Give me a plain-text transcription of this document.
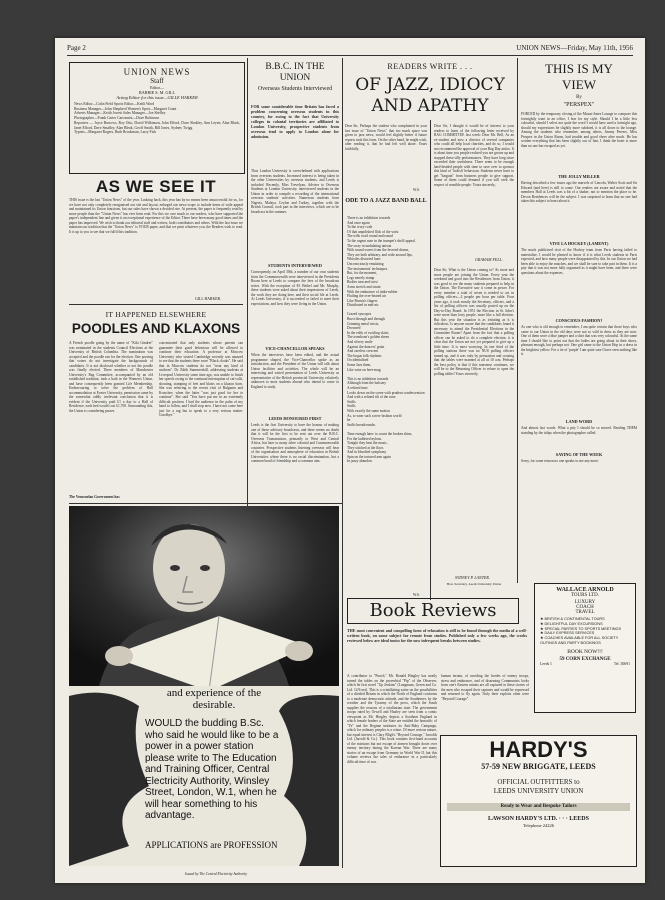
Page 2	UNION NEWS—Friday, May 11th, 1956
UNION NEWS
Staff
Editor—
BARRIE S. M. GILL
Acting Editor for this issue—GILLE HARKER
News Editor—Colin Field Sports Editor—Keith Ward
Business Manager—John Shepherd Women's Sport—Margaret Grant
Adverts Manager—Keith Jowett Sales Manager—Joe Shelley
Photographer—Frank Carter Cartoonist—Dave Robinson
Reporters — Joyce Burrows, Roy Otto, David Wilkinson, John Elford, Dave Shakley, Ann Leyen, Alan Black, Janet Elford, Dave Smalley, Alan Bleak, Geoff Smith, Bill Jones, Sydney Twigg
Typists—Margaret Rogers, Ruth Brookman, Larry Fisk
AS WE SEE IT
THIS issue is the last "Union News" of the year. Looking back, this year has by no means been unsuccessful for us, for we have not only completely reorganised our site and layout, enlarged our news-scope to include items of wide appeal and maintained its Union functions, but our sales have shown a decided rise. At present, the paper is frequently read by more people than the "Union News" has ever been read. For this we owe much to our readers, who have supported the paper's independent line and given it an exceptional experience of the Editor. There have been many good times and the paper has improved. We wish to thank our editorial staff and writers, both contributors and others. With the last issue we maintain our tradition that the "Union News" is YOUR paper, and that we print whatever you, the Readers wish to read. It is up to you to see that we fulfil this tradition.
GILL HARKER.
IT HAPPENED ELSEWHERE
POODLES AND KLAXONS
A French poodle going by the name of "Kiki Gindrer" was nominated in the students Council Elections at the University of British Columbia. The nomination was accepted and the poodle ran for the election. One proving that voters do not investigate the backgrounds of candidates. It is not disclosed whether or not the poodle was finally elected. Three members of Manchester University's Rag Committee, accompanied by an old established tradition, took a bath in the Women's Union, and have consequently been granted Life Membership. Endeavouring to solve the problem of Hall accommodation at Exeter University, permission came by the somewhat oddly irrelevant conclusion that it is evident if the University paid £1 a day to a Hall of Residence, each bed would cost £1,700. Surrounding this, the Union is considering passes.
The Venezuelan Government has
concentrated that only students whose parents can guarantee their good behaviour will be allowed to continue their education. A professor at Moscow University who visited Cambridge recently was amazed to see that the students there wore "Black cloaks". He said that in Moscow students do not "wear any kind of uniform". Dr. Edith Summerskill, addressing students at Liverpool University some time ago, was unable to finish her speech owing to the continual interruption of cat-calls, shouting, stamping of feet and blasts on a klaxon horn. She was referring to the recent visit of Bulganin and Kruschev, when the latter "was just good for her to continue". She said "You have put me in an extremely difficult position. I had the audience in the palm of my hand to follow, and I shall stop now. I have not come here just for a rag but to speak to a very serious matter. Goodbye."
B.B.C. IN THE UNION
Overseas Students Interviewed
FOR some considerable time Britain has faced a problem concerning overseas students in this country, for owing to the fact that University colleges in colonial territories are affiliated to London University, prospective students from overseas tend to apply to London alone for admission.
Thus London University is overwhelmed with applications from overseas students. Increased interest is being taken in the other Universities by overseas students, and Leeds is included. Recently, Miss Trevelyan, Adviser to Overseas Students at London University, interviewed students in the Union in order to compile a recording of the international overseas students' activities. Numerous students from Nigeria, Malaya, Ceylon and Turkey, together with the British Council, took part in the interviews, which are to be broadcast in the summer.
STUDENTS INTERVIEWED
Consequently, on April 30th, a number of our own students from the Commonwealth were interviewed in the Presidents Room here at Leeds to compare the fees of the broadcast series. With the exception of M. Bethel and Mr. Murphy, these students were asked about their impressions of Leeds, the work they are doing here, and their social life at Leeds. At Leeds University, if it succeeded or failed to meet their expectations, and how they were living in the Union.
VICE-CHANCELLOR SPEAKS
When the interviews have been edited, and the actual programme shaped, the Vice-Chancellor spoke as an introduction, and the President of the Union will talk about Union facilities and activities. The whole will be an interesting and varied presentation of Leeds University as representative of the British provincial University, relatively unknown to most students abroad who intend to come to England to study.
LEEDS HONOURED FIRST
Leeds is the first University to have the honour of making one of these advisory broadcasts, and there seems no doubt that it will be the first to be sent out over the B.B.C. Overseas Transmission, primarily to West and Central Africa, but later to many other colonial and Commonwealth countries. Prospective students listening overseas will hear of the organisation and atmosphere of education in British Universities where there is no racial discrimination, but a common bond of friendship and a common aim.
and experience of the
desirable.
WOULD the budding B.Sc. who said he would like to be a power in a power station please write to The Education and Training Officer, Central Electricity Authority, Winsley Street, London, W.1, when he will hear something to his advantage.
APPLICATIONS are PROFESSION
Issued by The Central Electricity Authority
READERS WRITE . . .
OF JAZZ, IDIOCY
AND APATHY
Dear Sir, Perhaps the student who complained in your last issue of "Union News" that too much space was given to jazz news, would feel slightly better if future reports took this form. On the other hand, he might wish, after reading it, that he had left well alone. Yours faithfully,
W.S.
ODE TO A JAZZ BAND BALL
There is no inhibition towards
And once again
To the ivory code
Of that unpolished flick of the wrist
The trills swirl round and round
To the urgent note in the trumpet's shrill appeal.
The sway in undulating unison
With sound waves from the fevered drums,
They are both arbitrary, and wide around lips,
Whistles distorted hues
Unconsciously emulating
The instruments' techniques.
But, for the moment,
Legs merely stamp
Bodies turn and twist
Arms stretch and strain
With the endurance of india-rubber
Flailing the over-heated air
Like Bosnia's fingers
Distributed in mid-air.

Crazed syncopes
Burst through and through
Grinning metal twists,
Drowned
In the eddy of swirling skirts.
The trombone's golden sheen
And silvery smile
Against the dancers' grain
And careless crescent
The bogus folk rhythms
Occidentalised
Some Jazz them,
Like wine on beer-mug.

This is no inhibition towards
Although from the balcony
A refined tune
Looks down on the scene with prudent condescension
And with a refined tilt of the nose
Sniffs.
Sniffs
With exactly the same motion
As, to wear such a new-fashion world
he
Sniffs breadcrumbs.

Time enough later: to count the broken shins,
For the laddered nylons.
Tonight they beat the music,
They stitched at the floor.
And in bloodied symphony
Spin on the tortured arm again
In jazzy abandon.
W.S.
Dear Sir, I thought it would be of interest to your readers to learn of the following letter received by RAG COMMITTEE last week: Dear Mr. Bell, As an ex-student and now a director of several companies who could all help local charities, and do so, I would not recommend the approval of your Rag Day antics. It is about time you people realised you are grown up and stopped these silly performances. They have long since exceeded their usefulness. There seem to be enough hard-headed people with time to save over to sponsor this kind of 'foolish' behaviour. Students never have to get "bargain" from business people to give support. Some of them could demand if you will seek the respect of sensible people. Yours sincerely,
GRAHAM FELL.
Dear Sir, What is the Union coming to? As more and more people are joining the Union. Every year the weekend and good into the Residences from Union, it was good to see the many students prepared to help in the Union. The Executive saw it come in power. For every member a total of seven is needed to act in polling officers—2 people per hour per table. Four years ago, it took mostly the Secretary, officers, and a list of polling officers was usually posted up on the Day-to-Day Board. In 1951 the Election in St. John's were more than forty people, more like a full election. But this year the situation is as irritating as it is ridiculous. Is anyone aware that the candidates found it necessary to attend the Presidential Elections in the Committee Room? Apart from the fact that a polling officer can be asked to do a complete election, it is clear that the Union are not yet prepared to give up a little time. It is most worrying. In one third of the polling stations there was no NUS polling officers turned up, and it was only by persuasion and coaxing that the tables were manned at all at 10 a.m. Perhaps the best policy is that if this nonsense continues, we will be to the Returning Officer to refuse to open the polling tables! Yours sincerely,
SYDNEY P. LANTER.
Hon. Secretary, Leeds University Union
THIS IS MY
VIEW
By
"PERSPEX"
FORCED by the temporary closing of the Mouat-Jones Lounge to compose this fortnightly want in an office, I fear for my style. Should I be a little less colourful, should I select not quite the word I would have used a fortnight ago, should my expressions be slightly more subdued, it is all down to the lounge. Among the students who remember, among others, Jimmy Perrers, Miss Perspex in the Union Room, had trouble and good cheer after much. He has written everything that has been slightly out of line, I think the heart is more than no one has escaped as yet.
THE JOLLY MILLER
Having described a few issues ago the marvels of Lincoln, Walter Scott and Sir Edward (and here) is still to come. Our readers are aware and noted that the members Hall at Leeds was a bit of a shaker, not to mention the place to be. Devon Residences will be the subject. I was surprised to learn that no one had taken this subject to heart about it.
VIVE LA HOCKEY (LAMENT)
The much publicised visit of the Hockey team from Paris having failed to materialise, I would be pleased to know if it is what Leeds students in Paris expected, and how many people were disappointed by this. In our Union we had been able to enjoy the matches, and we shall be sure to take part in them. It is a pity that it was not more fully organised as it might have been, and there were questions about the expenses.
CONSCIOUS FASHION?
As one who is old enough to remember, I am quite certain that those boys who came to our Union in the old days were not so wild in dress as they are now. One of them wore a blue jumper and a shirt that was very colourful. At the same time I should like to point out that the ladies are going about in their shoes, pleasant enough, but perhaps not. One girl came to the Union Hop in a dress in the brightest yellow. For a tie of 'purple' I am quite sure I have seen nothing like it.
LAND WORD
And almost last words. What a pity I should be so moved. Reading THEM standing by the tulips when the photographer called.
SAYING OF THE WEEK
Sorry, for some reason no one speaks to me any more.
WALLACE ARNOLD
TOURS LTD.
LUXURY
COACH
TRAVEL
★ BRITISH & CONTINENTAL TOURS
★ DELIGHTFUL DAY EXCURSIONS
★ SPECIAL PARTIES TO SPORTS MEETINGS
★ DAILY EXPRESS SERVICES
★ COACHES AVAILABLE FOR ALL SOCIETY OUTINGS AND PARTY BOOKINGS
BOOK NOW!!!
59 CORN EXCHANGE
Leeds 1	Tel. 30691
Book Reviews
THE most convenient and compelling form of relaxation is still to be found through the media of a well-written book, on some subject far remote from studies. Published only a few weeks ago, the works reviewed below are ideal tonics for the now infrequent breaks between studies.
A contributor to "Punch," Mr. Ronald Hingley has neatly turned the tables on the proverbial "Pip" of the Observer, which he first novel "Up Jenkins" (Longmans, Green and Co. Ltd. 12/6 net). This is a scintillating satire on the possibilities of a divided Britain in which the North of England conforms to a moderate democratic attitude, and the Southerner, by the weather and the Tyranny of the press, which the South supplies the reasons of a totalitarian state. The government troops rated by Orwell and Huxley are seen from a comic viewpoint as Mr. Hingley depicts a Southern England in which female leaders of the State are entitled the honorific of "Ye" and the Regime institutes its Anti-Baby Campaign, which for ordinary peoples is a crime. Of more serious nature, but equal interest is Clary Bligh's "Beyond Courage," Jarrolds Ltd. (Jarrold & Co.). This book contains first-hand accounts of the missions but not escape of airmen brought down over enemy territory during the Korean War. There are many stories of an escape from Germany in World War II, but this volume reviews the tales of endurance in a particularly difficult time of war.
human terrain, of avoiding the hordes of enemy troops, stress and endurance, and of disarming Communists looks from one's Eastern unions are all captured in these stories of the men who escaped their captures and would be expressed and returned to fly again. Truly their exploits often were "Beyond Courage".
HARDY'S
57-59 NEW BRIGGATE, LEEDS
OFFICIAL OUTFITTERS to
LEEDS UNIVERSITY UNION
Ready to Wear and Bespoke Tailors
LAWSON HARDY'S LTD. · · · LEEDS
Telephone 24226
